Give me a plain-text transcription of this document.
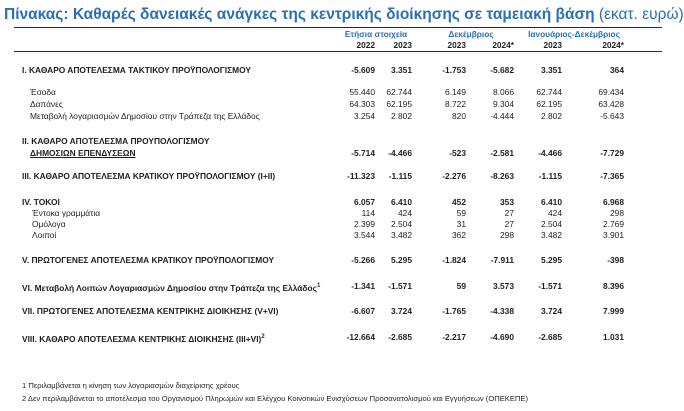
Πίνακας: Καθαρές δανειακές ανάγκες της κεντρικής διοίκησης σε ταμειακή βάση (εκατ. ευρώ)
Ετήσια στοιχεία	Δεκέμβριος	Ιανουάριος-Δεκέμβριος
2022	2023	2023	2024*	2023	2024*
Ι. ΚΑΘΑΡΟ ΑΠΟΤΕΛΕΣΜΑ ΤΑΚΤΙΚΟΥ ΠΡΟΫΠΟΛΟΓΙΣΜΟΥ	-5.609	3.351	-1.753	-5.682	3.351	364
Έσοδα	55.440	62.744	6.149	8.066	62.744	69.434
Δαπάνες	64.303	62.195	8.722	9.304	62.195	63.428
Μεταβολή λογαριασμών Δημοσίου στην Τράπεζα της Ελλάδος	3.254	2.802	820	-4.444	2.802	-5.643
ΙΙ. ΚΑΘΑΡΟ ΑΠΟΤΕΛΕΣΜΑ ΠΡΟΥΠΟΛΟΓΙΣΜΟΥ
ΔΗΜΟΣΙΩΝ ΕΠΕΝΔΥΣΕΩΝ	-5.714	-4.466	-523	-2.581	-4.466	-7.729
ΙΙΙ. ΚΑΘΑΡΟ ΑΠΟΤΕΛΕΣΜΑ ΚΡΑΤΙΚΟΥ ΠΡΟΫΠΟΛΟΓΙΣΜΟΥ (Ι+ΙΙ)	-11.323	-1.115	-2.276	-8.263	-1.115	-7.365
IV. ΤΟΚΟΙ	6.057	6.410	452	353	6.410	6.968
Έντοκα γραμμάτια	114	424	59	27	424	298
Ομόλογα	2.399	2.504	31	27	2.504	2.769
Λοιποί	3.544	3.482	362	298	3.482	3.901
V. ΠΡΩΤΟΓΕΝΕΣ ΑΠΟΤΕΛΕΣΜΑ ΚΡΑΤΙΚΟΥ ΠΡΟΫΠΟΛΟΓΙΣΜΟΥ	-5.266	5.295	-1.824	-7.911	5.295	-398
VI. Μεταβολή Λοιπών Λογαριασμών Δημοσίου στην Τράπεζα της Ελλάδος$^1$	-1.341	-1.571	59	3.573	-1.571	8.396
VII. ΠΡΩΤΟΓΕΝΕΣ ΑΠΟΤΕΛΕΣΜΑ ΚΕΝΤΡΙΚΗΣ ΔΙΟΙΚΗΣΗΣ (V+VI)	-6.607	3.724	-1.765	-4.338	3.724	7.999
VIII. ΚΑΘΑΡΟ ΑΠΟΤΕΛΕΣΜΑ ΚΕΝΤΡΙΚΗΣ ΔΙΟΙΚΗΣΗΣ $(III+VI)^2$	-12.664	-2.685	-2.217	-4.690	-2.685	1.031
1 Περιλαμβάνεται η κίνηση των λογαριασμών διαχείρισης χρέους
2 Δεν περιλαμβάνεται το αποτέλεσμα του Οργανισμού Πληρωμών και Ελέγχου Κοινοτικών Ενισχύσεων Προσανατολισμού και Εγγυήσεων (ΟΠΕΚΕΠΕ)
